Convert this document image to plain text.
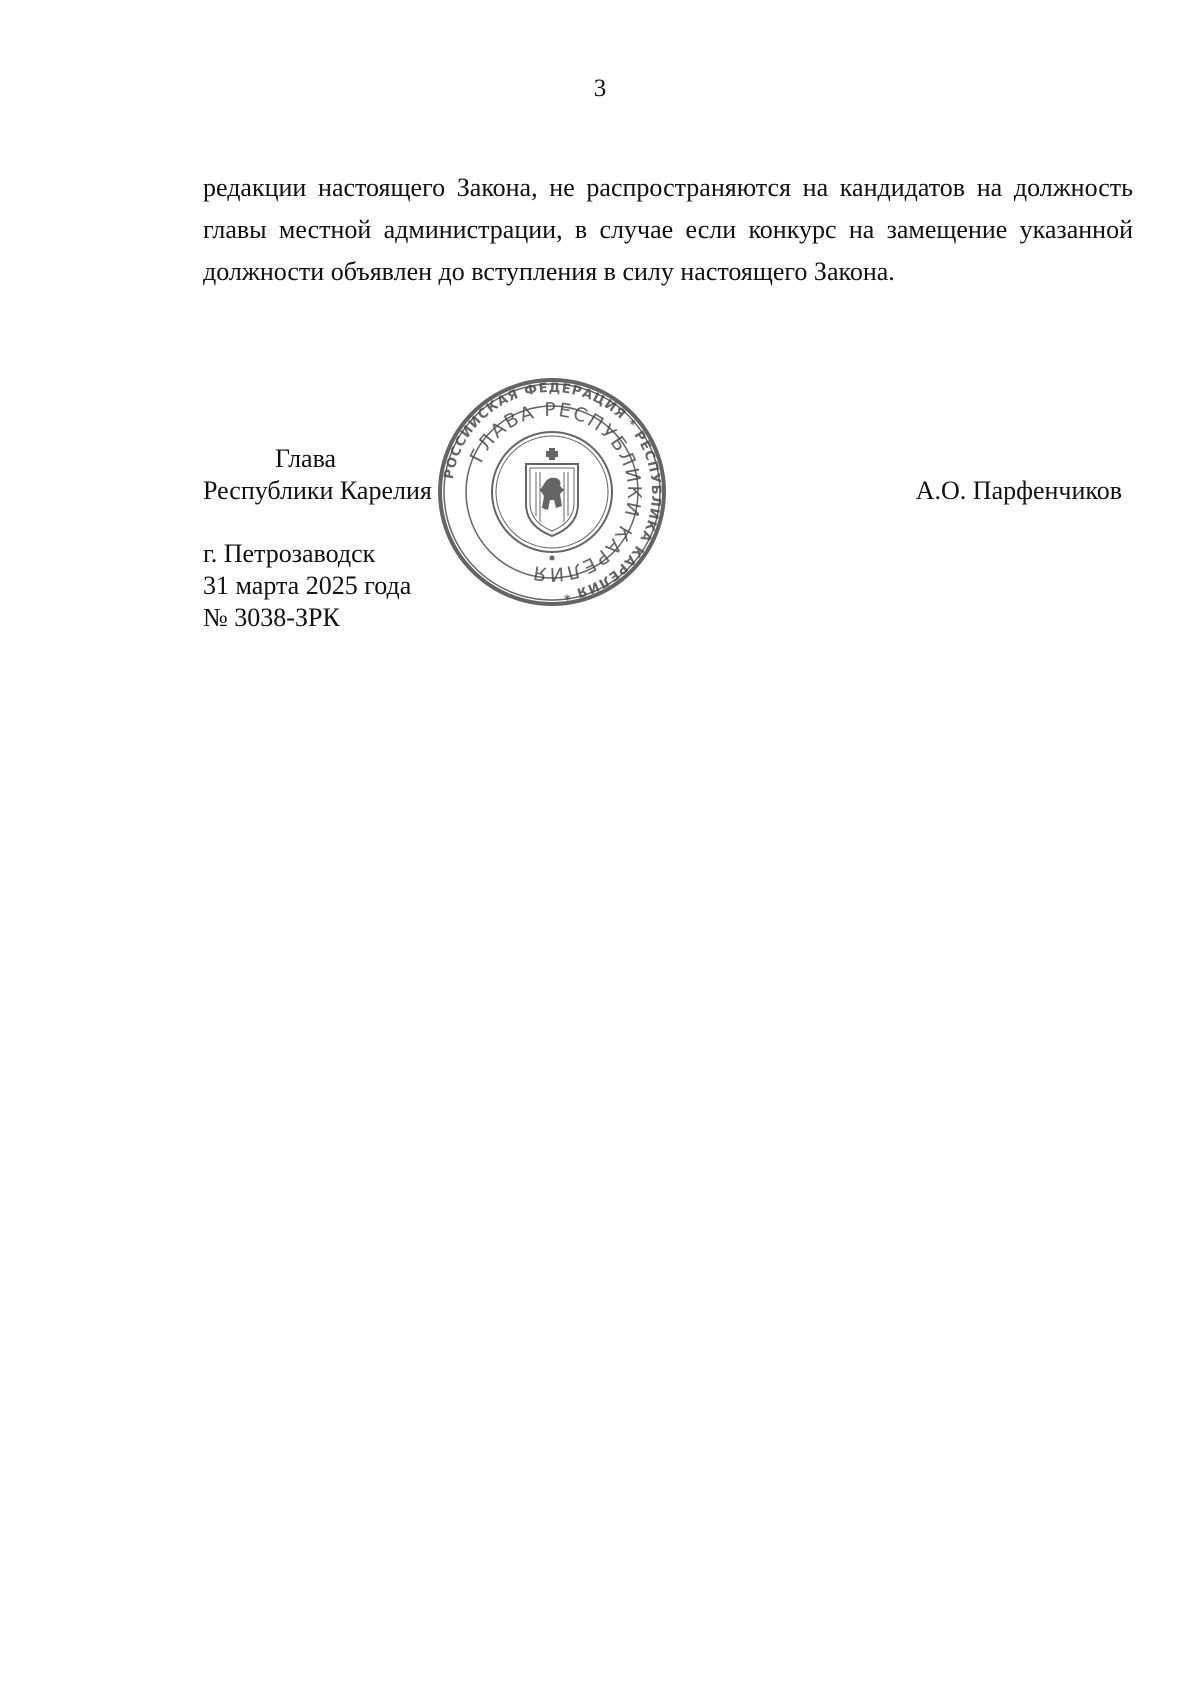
3

редакции настоящего Закона, не распространяются на кандидатов на должность главы местной администрации, в случае если конкурс на замещение указанной должности объявлен до вступления в силу настоящего Закона.

Глава
Республики Карелия	А.О. Парфенчиков
г. Петрозаводск
31 марта 2025 года
№ 3038-ЗРК
РОССИЙСКАЯ ФЕДЕРАЦИЯ * РЕСПУБЛИКА КАРЕЛИЯ *
ГЛАВА РЕСПУБЛИКИ КАРЕЛИЯ
